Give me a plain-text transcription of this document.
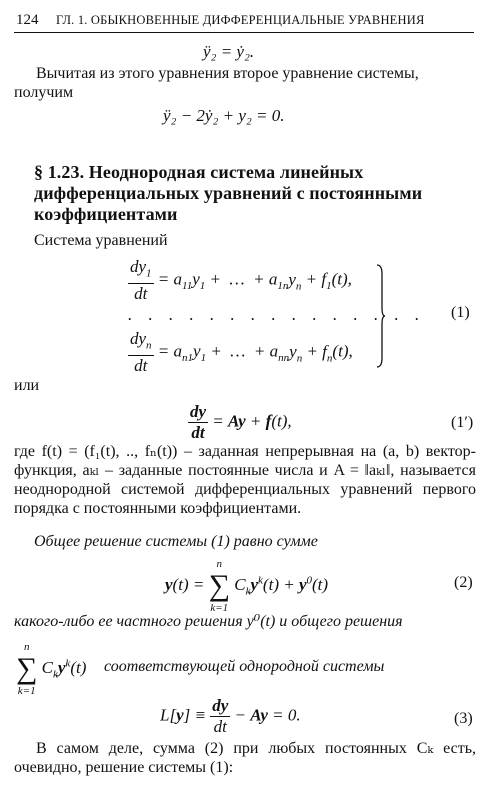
124 ГЛ. 1. ОБЫКНОВЕННЫЕ ДИФФЕРЕНЦИАЛЬНЫЕ УРАВНЕНИЯ
ÿ₂ = ẏ₂.
Вычитая из этого уравнения второе уравнение системы, получим
ÿ₂ − 2ẏ₂ + y₂ = 0.
§ 1.23. Неоднородная система линейных дифференциальных уравнений с постоянными коэффициентами
Система уравнений
$\frac{dy_1}{dt} = a_{11}y_1$ +  …  + $a_{1n}y_n + f_1(t)$,
. . . . . . . . . . . . . . .
$\frac{dy_n}{dt} = a_{n1}y_1$ +  …  + $a_{nn}y_n + f_n(t)$,
(1)
или
$\frac{dy}{dt} = Ay + f(t)$,	(1′)
где f(t) = (f₁(t), .., fₙ(t)) – заданная непрерывная на (a, b) вектор-функция, aₖₗ – заданные постоянные числа и A = ‖aₖₗ‖, называется неоднородной системой дифференциальных уравнений первого порядка с постоянными коэффициентами.
Общее решение системы (1) равно сумме
y(t) =
n
∑
k=1
$C_ky^k(t) + y^0(t)$	(2)
какого-либо ее частного решения y⁰(t) и общего решения
n
∑
k=1
$C_ky^k(t)$ соответствующей однородной системы
$L[y] \equiv \frac{dy}{dt} - Ay = 0$.	(3)
В самом деле, сумма (2) при любых постоянных Cₖ есть, очевидно, решение системы (1):
